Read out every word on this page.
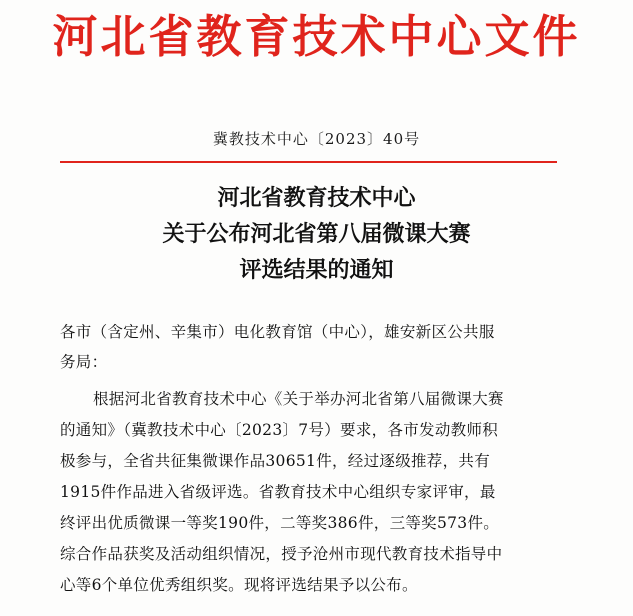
河北省教育技术中心文件
冀教技术中心〔2023〕40号
河北省教育技术中心
关于公布河北省第八届微课大赛
评选结果的通知
各市（含定州、辛集市）电化教育馆（中心），雄安新区公共服
务局：
根据河北省教育技术中心《关于举办河北省第八届微课大赛
的通知》（冀教技术中心〔2023〕7号）要求，各市发动教师积
极参与，全省共征集微课作品30651件，经过逐级推荐，共有
1915件作品进入省级评选。省教育技术中心组织专家评审，最
终评出优质微课一等奖190件，二等奖386件，三等奖573件。
综合作品获奖及活动组织情况，授予沧州市现代教育技术指导中
心等6个单位优秀组织奖。现将评选结果予以公布。
